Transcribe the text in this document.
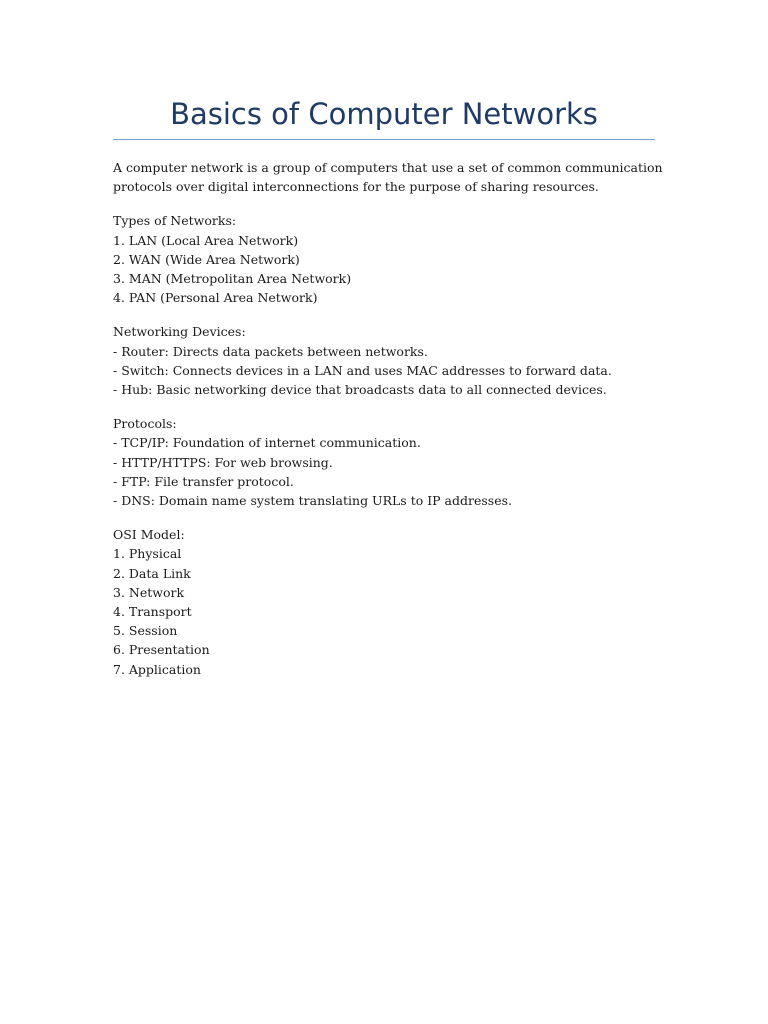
Basics of Computer Networks

A computer network is a group of computers that use a set of common communication
protocols over digital interconnections for the purpose of sharing resources.

Types of Networks:
1. LAN (Local Area Network)
2. WAN (Wide Area Network)
3. MAN (Metropolitan Area Network)
4. PAN (Personal Area Network)
Networking Devices:
- Router: Directs data packets between networks.
- Switch: Connects devices in a LAN and uses MAC addresses to forward data.
- Hub: Basic networking device that broadcasts data to all connected devices.
Protocols:
- TCP/IP: Foundation of internet communication.
- HTTP/HTTPS: For web browsing.
- FTP: File transfer protocol.
- DNS: Domain name system translating URLs to IP addresses.
OSI Model:
1. Physical
2. Data Link
3. Network
4. Transport
5. Session
6. Presentation
7. Application
